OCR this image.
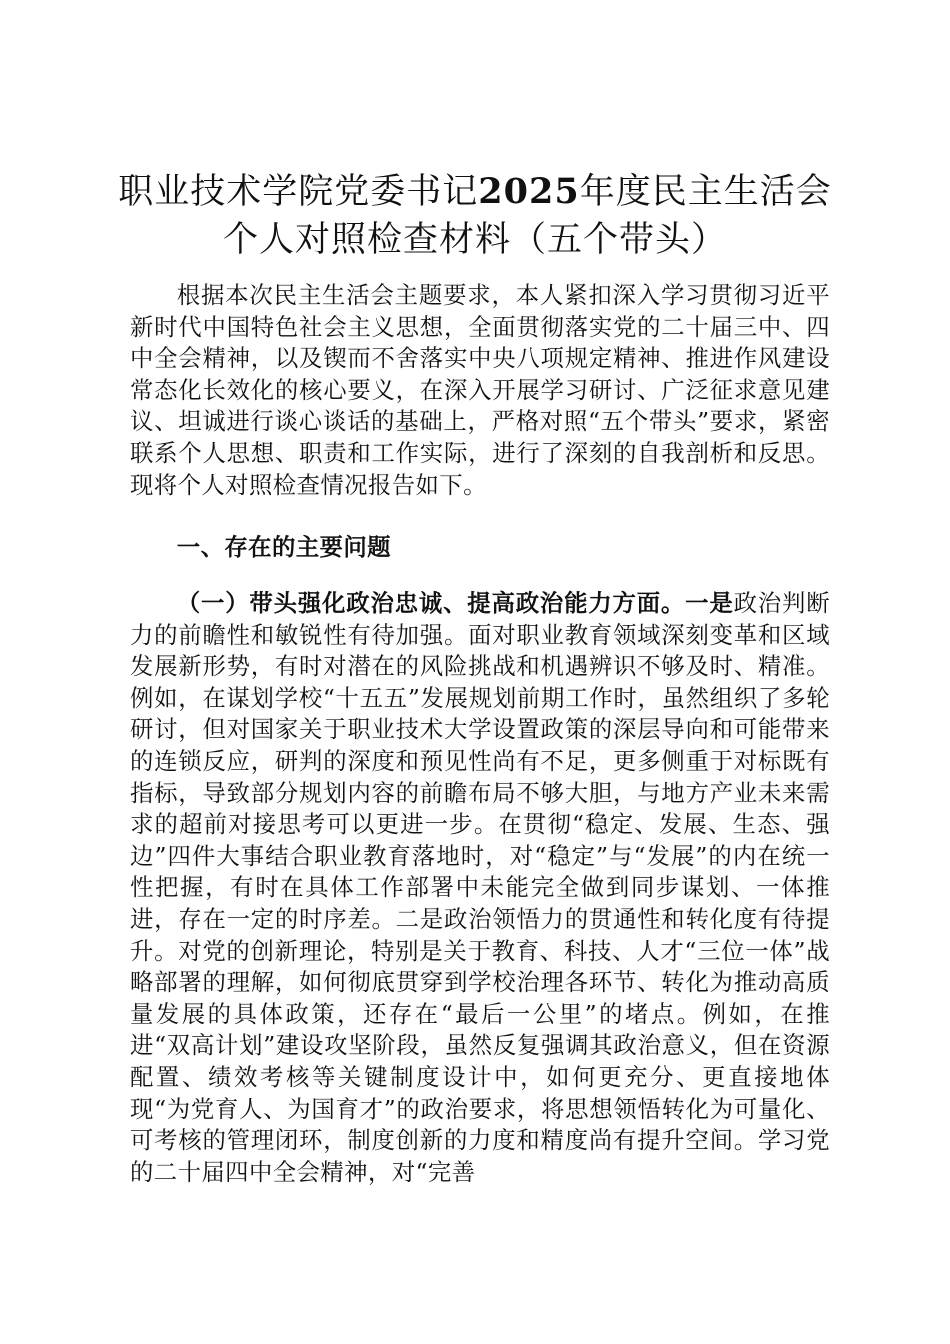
职业技术学院党委书记2025年度民主生活会
个人对照检查材料（五个带头）
根据本次民主生活会主题要求，本人紧扣深入学习贯彻习近平新时代中国特色社会主义思想，全面贯彻落实党的二十届三中、四中全会精神，以及锲而不舍落实中央八项规定精神、推进作风建设常态化长效化的核心要义，在深入开展学习研讨、广泛征求意见建议、坦诚进行谈心谈话的基础上，严格对照“五个带头”要求，紧密联系个人思想、职责和工作实际，进行了深刻的自我剖析和反思。现将个人对照检查情况报告如下。
一、存在的主要问题
（一）带头强化政治忠诚、提高政治能力方面。一是政治判断力的前瞻性和敏锐性有待加强。面对职业教育领域深刻变革和区域发展新形势，有时对潜在的风险挑战和机遇辨识不够及时、精准。例如，在谋划学校“十五五”发展规划前期工作时，虽然组织了多轮研讨，但对国家关于职业技术大学设置政策的深层导向和可能带来的连锁反应，研判的深度和预见性尚有不足，更多侧重于对标既有指标，导致部分规划内容的前瞻布局不够大胆，与地方产业未来需求的超前对接思考可以更进一步。在贯彻“稳定、发展、生态、强边”四件大事结合职业教育落地时，对“稳定”与“发展”的内在统一性把握，有时在具体工作部署中未能完全做到同步谋划、一体推进，存在一定的时序差。二是政治领悟力的贯通性和转化度有待提升。对党的创新理论，特别是关于教育、科技、人才“三位一体”战略部署的理解，如何彻底贯穿到学校治理各环节、转化为推动高质量发展的具体政策，还存在“最后一公里”的堵点。例如，在推进“双高计划”建设攻坚阶段，虽然反复强调其政治意义，但在资源配置、绩效考核等关键制度设计中，如何更充分、更直接地体现“为党育人、为国育才”的政治要求，将思想领悟转化为可量化、可考核的管理闭环，制度创新的力度和精度尚有提升空间。学习党的二十届四中全会精神，对“完善
